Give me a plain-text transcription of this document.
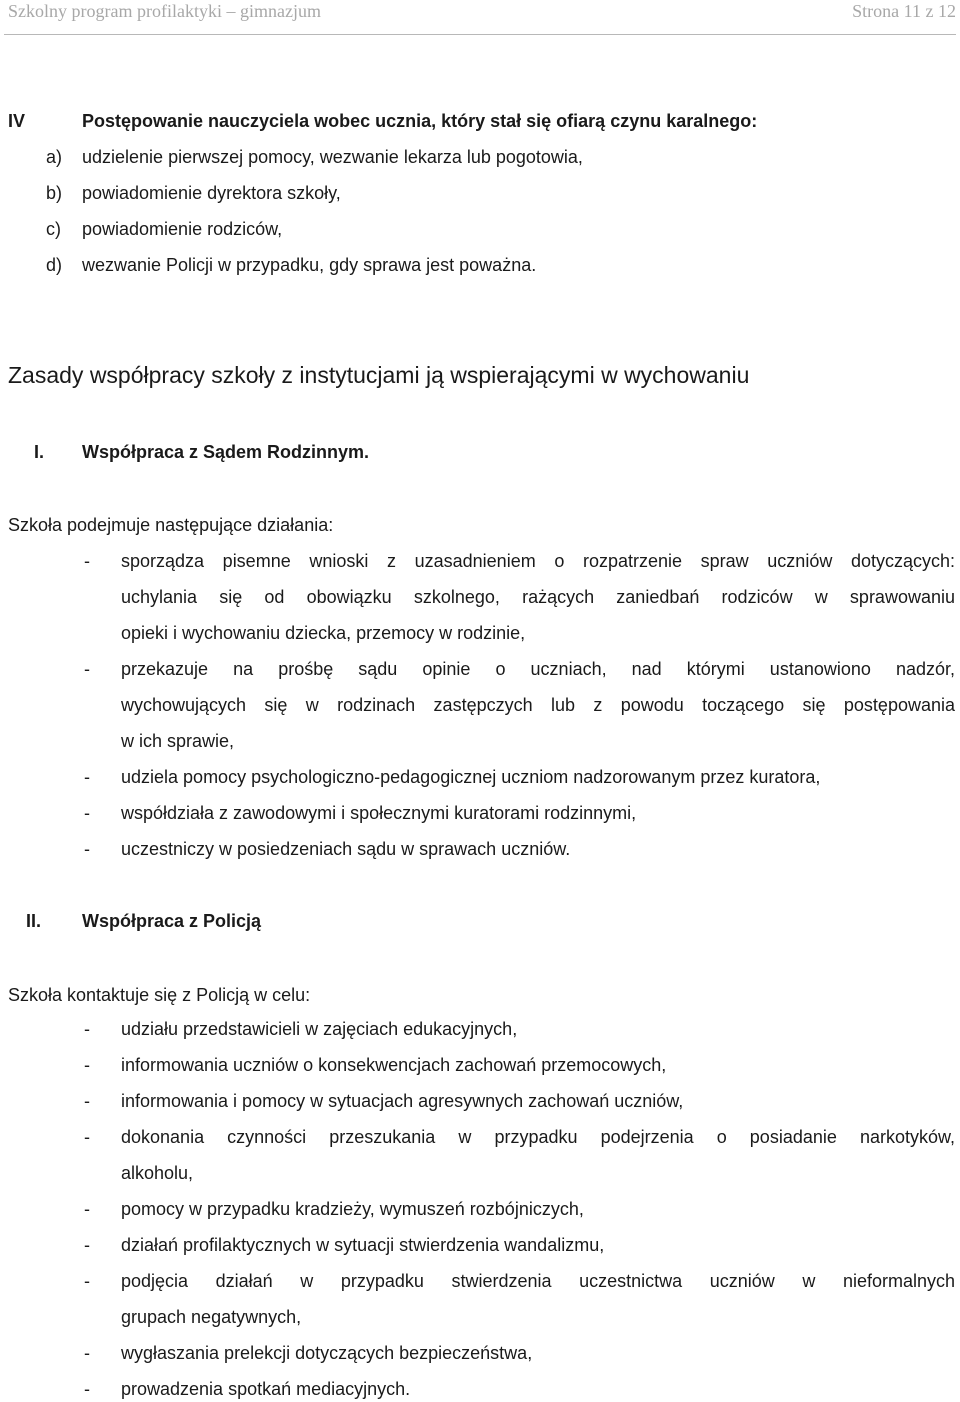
Szkolny program profilaktyki – gimnazjum	Strona 11 z 12
IV	Postępowanie nauczyciela wobec ucznia, który stał się ofiarą czynu karalnego:
a) udzielenie pierwszej pomocy, wezwanie lekarza lub pogotowia,
b) powiadomienie dyrektora szkoły,
c) powiadomienie rodziców,
d) wezwanie Policji w przypadku, gdy sprawa jest poważna.
Zasady współpracy szkoły z instytucjami ją wspierającymi w wychowaniu
I. Współpraca z Sądem Rodzinnym.
Szkoła podejmuje następujące działania:
- sporządza pisemne wnioski z uzasadnieniem o rozpatrzenie spraw uczniów dotyczących:
uchylania się od obowiązku szkolnego, rażących zaniedbań rodziców w sprawowaniu
opieki i wychowaniu dziecka, przemocy w rodzinie,
- przekazuje na prośbę sądu opinie o uczniach, nad którymi ustanowiono nadzór,
wychowujących się w rodzinach zastępczych lub z powodu toczącego się postępowania
w ich sprawie,
- udziela pomocy psychologiczno-pedagogicznej uczniom nadzorowanym przez kuratora,
- współdziała z zawodowymi i społecznymi kuratorami rodzinnymi,
- uczestniczy w posiedzeniach sądu w sprawach uczniów.
II. Współpraca z Policją
Szkoła kontaktuje się z Policją w celu:
- udziału przedstawicieli w zajęciach edukacyjnych,
- informowania uczniów o konsekwencjach zachowań przemocowych,
- informowania i pomocy w sytuacjach agresywnych zachowań uczniów,
- dokonania czynności przeszukania w przypadku podejrzenia o posiadanie narkotyków,
alkoholu,
- pomocy w przypadku kradzieży, wymuszeń rozbójniczych,
- działań profilaktycznych w sytuacji stwierdzenia wandalizmu,
- podjęcia działań w przypadku stwierdzenia uczestnictwa uczniów w nieformalnych
grupach negatywnych,
- wygłaszania prelekcji dotyczących bezpieczeństwa,
- prowadzenia spotkań mediacyjnych.
